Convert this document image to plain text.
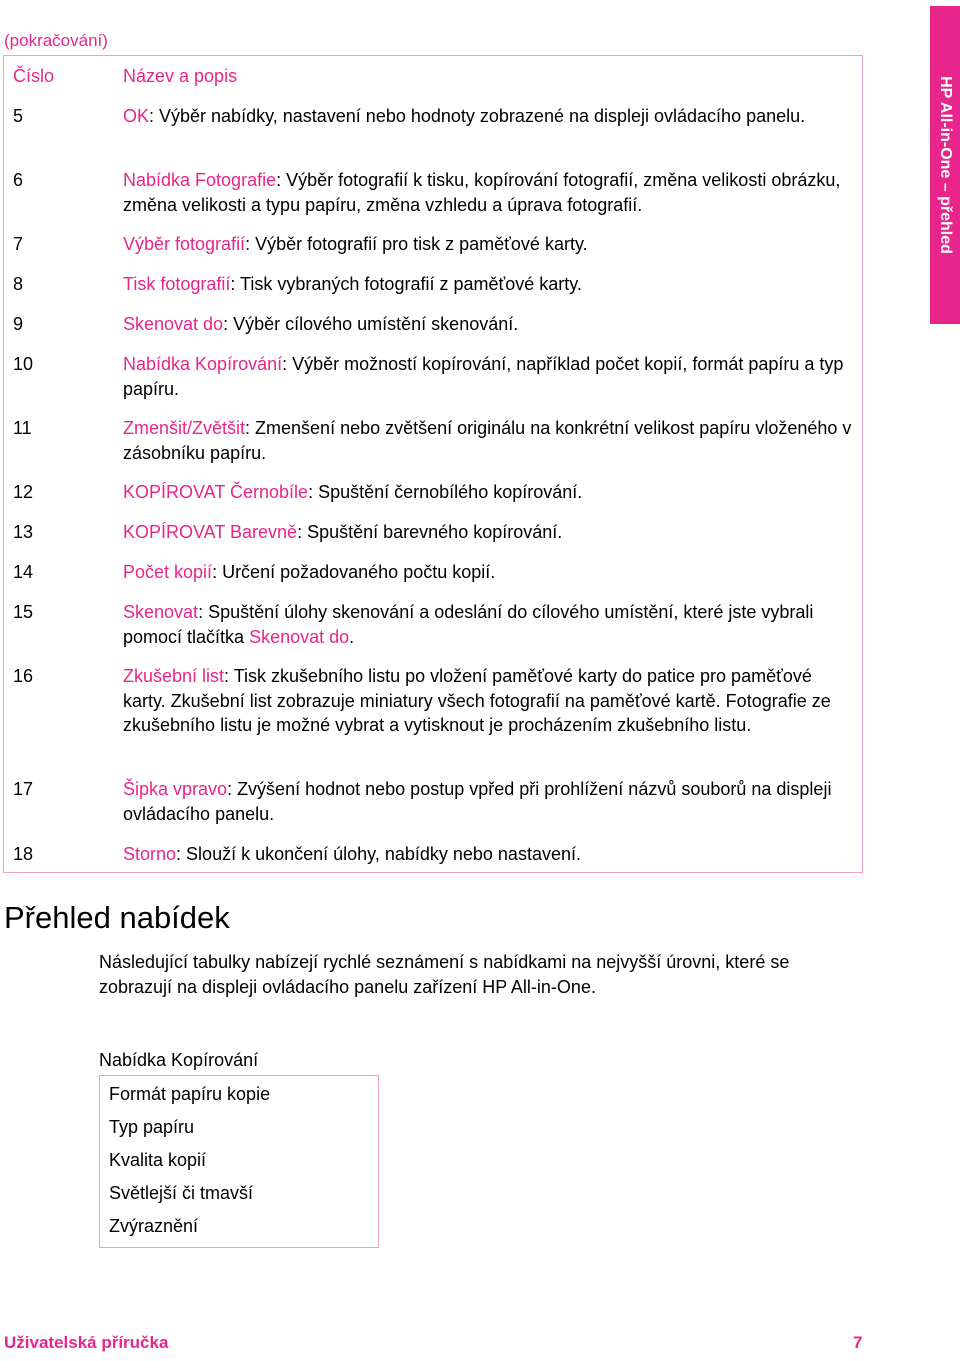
(pokračování)
Číslo	Název a popis
5	OK: Výběr nabídky, nastavení nebo hodnoty zobrazené na displeji ovládacího panelu.
6	Nabídka Fotografie: Výběr fotografií k tisku, kopírování fotografií, změna velikosti obrázku, změna velikosti a typu papíru, změna vzhledu a úprava fotografií.
7	Výběr fotografií: Výběr fotografií pro tisk z paměťové karty.
8	Tisk fotografií: Tisk vybraných fotografií z paměťové karty.
9	Skenovat do: Výběr cílového umístění skenování.
10	Nabídka Kopírování: Výběr možností kopírování, například počet kopií, formát papíru a typ papíru.
11	Zmenšit/Zvětšit: Zmenšení nebo zvětšení originálu na konkrétní velikost papíru vloženého v zásobníku papíru.
12	KOPÍROVAT Černobíle: Spuštění černobílého kopírování.
13	KOPÍROVAT Barevně: Spuštění barevného kopírování.
14	Počet kopií: Určení požadovaného počtu kopií.
15	Skenovat: Spuštění úlohy skenování a odeslání do cílového umístění, které jste vybrali pomocí tlačítka Skenovat do.
16	Zkušební list: Tisk zkušebního listu po vložení paměťové karty do patice pro paměťové karty. Zkušební list zobrazuje miniatury všech fotografií na paměťové kartě. Fotografie ze zkušebního listu je možné vybrat a vytisknout je procházením zkušebního listu.
17	Šipka vpravo: Zvýšení hodnot nebo postup vpřed při prohlížení názvů souborů na displeji ovládacího panelu.
18	Storno: Slouží k ukončení úlohy, nabídky nebo nastavení.
HP All-in-One – přehled
Přehled nabídek

Následující tabulky nabízejí rychlé seznámení s nabídkami na nejvyšší úrovni, které se zobrazují na displeji ovládacího panelu zařízení HP All-in-One.

Nabídka Kopírování
Formát papíru kopie
Typ papíru
Kvalita kopií
Světlejší či tmavší
Zvýraznění
Uživatelská příručka	7
